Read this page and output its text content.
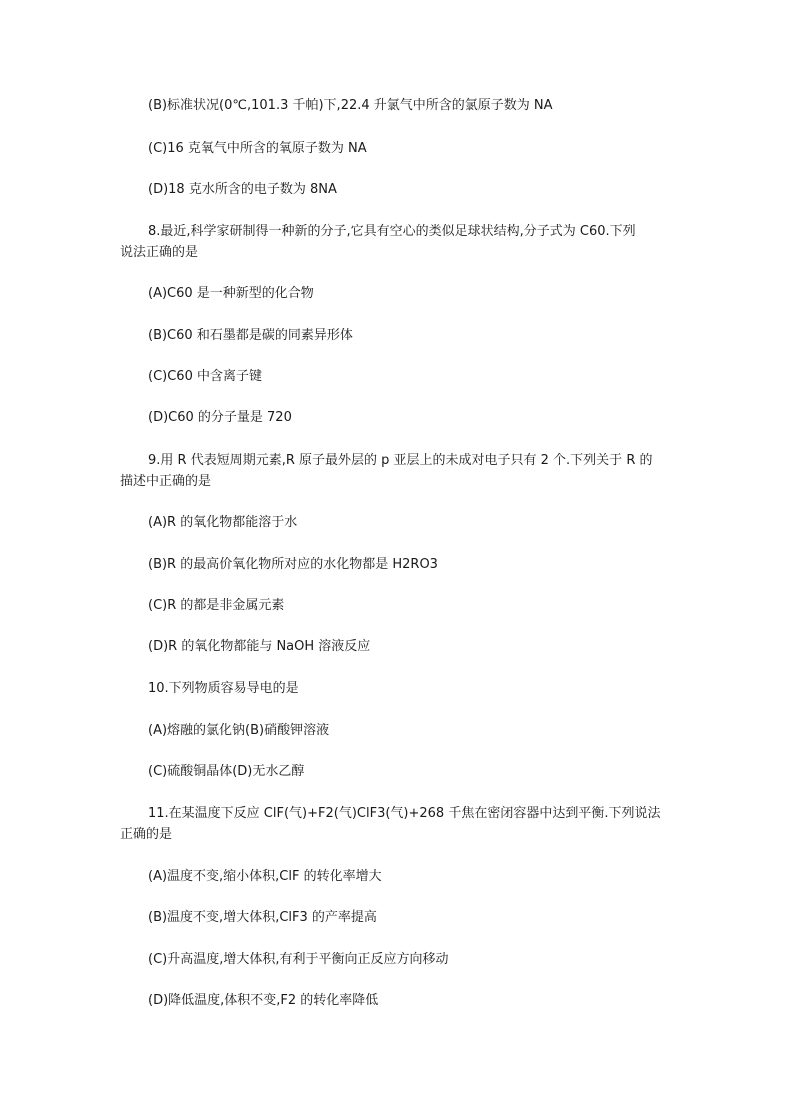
(B)标准状况(0℃,101.3 千帕)下,22.4 升氯气中所含的氯原子数为 NA
(C)16 克氧气中所含的氧原子数为 NA
(D)18 克水所含的电子数为 8NA
8.最近,科学家研制得一种新的分子,它具有空心的类似足球状结构,分子式为 C60.下列
说法正确的是
(A)C60 是一种新型的化合物
(B)C60 和石墨都是碳的同素异形体
(C)C60 中含离子键
(D)C60 的分子量是 720
9.用 R 代表短周期元素,R 原子最外层的 p 亚层上的未成对电子只有 2 个.下列关于 R 的
描述中正确的是
(A)R 的氧化物都能溶于水
(B)R 的最高价氧化物所对应的水化物都是 H2RO3
(C)R 的都是非金属元素
(D)R 的氧化物都能与 NaOH 溶液反应
10.下列物质容易导电的是
(A)熔融的氯化钠(B)硝酸钾溶液
(C)硫酸铜晶体(D)无水乙醇
11.在某温度下反应 ClF(气)+F2(气)ClF3(气)+268 千焦在密闭容器中达到平衡.下列说法
正确的是
(A)温度不变,缩小体积,ClF 的转化率增大
(B)温度不变,增大体积,ClF3 的产率提高
(C)升高温度,增大体积,有利于平衡向正反应方向移动
(D)降低温度,体积不变,F2 的转化率降低
